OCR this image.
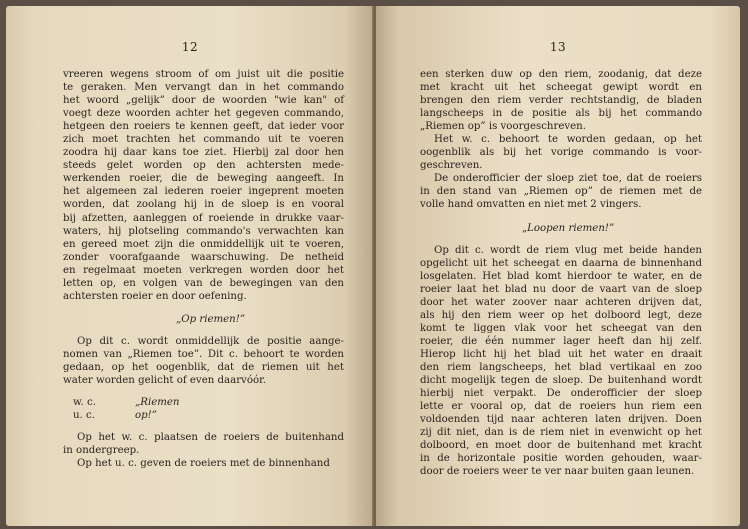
12
vreeren wegens stroom of om juist uit die positie
te geraken. Men vervangt dan in het commando
het woord „gelijk” door de woorden "wie kan" of
voegt deze woorden achter het gegeven commando,
hetgeen den roeiers te kennen geeft, dat ieder voor
zich moet trachten het commando uit te voeren
zoodra hij daar kans toe ziet. Hierbij zal door hen
steeds gelet worden op den achtersten mede-
werkenden roeier, die de beweging aangeeft. In
het algemeen zal iederen roeier ingeprent moeten
worden, dat zoolang hij in de sloep is en vooral
bij afzetten, aanleggen of roeiende in drukke vaar-
waters, hij plotseling commando's verwachten kan
en gereed moet zijn die onmiddellijk uit te voeren,
zonder voorafgaande waarschuwing. De netheid
en regelmaat moeten verkregen worden door het
letten op, en volgen van de bewegingen van den
achtersten roeier en door oefening.
„Op riemen!”
Op dit c. wordt onmiddellijk de positie aange-
nomen van „Riemen toe”. Dit c. behoort te worden
gedaan, op het oogenblik, dat de riemen uit het
water worden gelicht of even daarvóór.
w. c.	„Riemen
u. c.	op!”
Op het w. c. plaatsen de roeiers de buitenhand
in ondergreep.
Op het u. c. geven de roeiers met de binnenhand
13
een sterken duw op den riem, zoodanig, dat deze
met kracht uit het scheegat gewipt wordt en
brengen den riem verder rechtstandig, de bladen
langscheeps in de positie als bij het commando
„Riemen op” is voorgeschreven.
Het w. c. behoort te worden gedaan, op het
oogenblik als bij het vorige commando is voor-
geschreven.
De onderofficier der sloep ziet toe, dat de roeiers
in den stand van „Riemen op” de riemen met de
volle hand omvatten en niet met 2 vingers.
„Loopen riemen!”
Op dit c. wordt de riem vlug met beide handen
opgelicht uit het scheegat en daarna de binnenhand
losgelaten. Het blad komt hierdoor te water, en de
roeier laat het blad nu door de vaart van de sloep
door het water zoover naar achteren drijven dat,
als hij den riem weer op het dolboord legt, deze
komt te liggen vlak voor het scheegat van den
roeier, die één nummer lager heeft dan hij zelf.
Hierop licht hij het blad uit het water en draait
den riem langscheeps, het blad vertikaal en zoo
dicht mogelijk tegen de sloep. De buitenhand wordt
hierbij niet verpakt. De onderofficier der sloep
lette er vooral op, dat de roeiers hun riem een
voldoenden tijd naar achteren laten drijven. Doen
zij dit niet, dan is de riem niet in evenwicht op het
dolboord, en moet door de buitenhand met kracht
in de horizontale positie worden gehouden, waar-
door de roeiers weer te ver naar buiten gaan leunen.
